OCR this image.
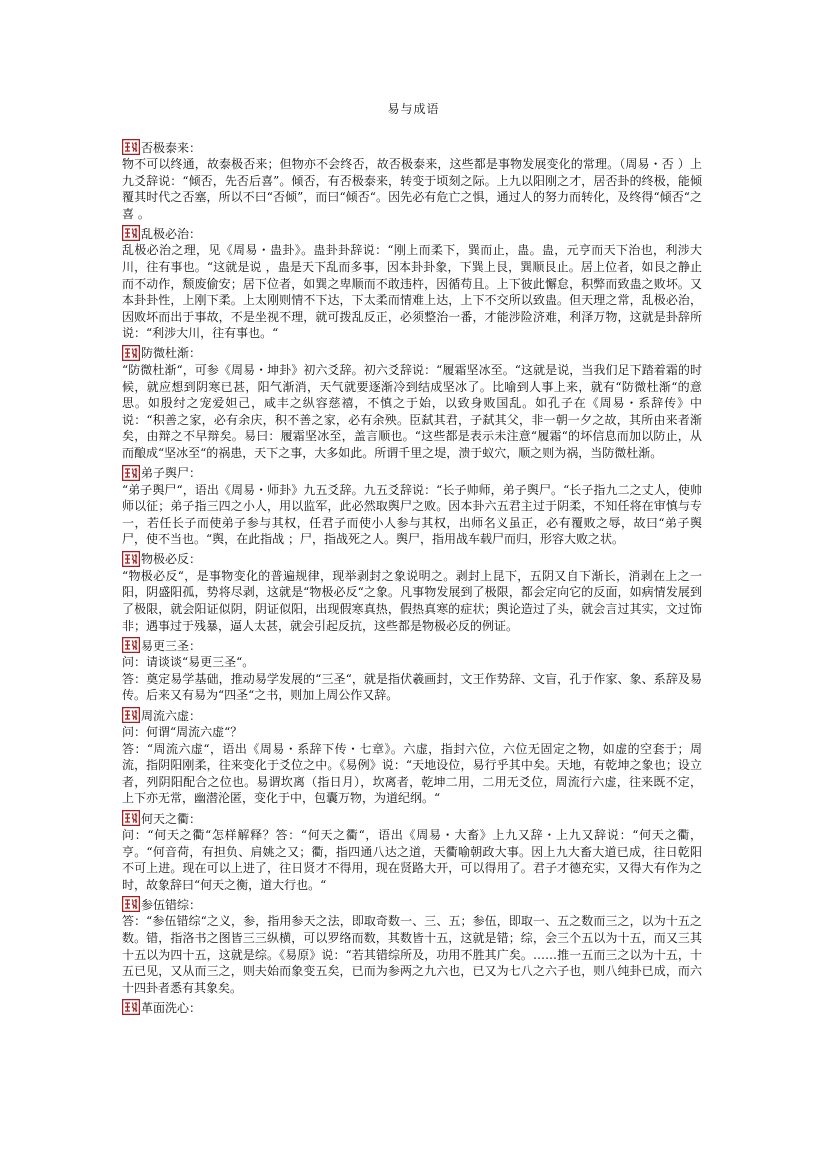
易与成语
否极泰来：

物不可以终通，故泰极否来；但物亦不会终否，故否极泰来，这些都是事物发展变化的常理。（周易・否 ）上九爻辞说：“倾否，先否后喜”。倾否，有否极泰来，转变于顷刻之际。上九以阳刚之才，居否卦的终极，能倾覆其时代之否塞，所以不曰“否倾”，而曰“倾否“。因先必有危亡之惧，通过人的努力而转化，及终得“倾否“之喜 。

乱极必治：

乱极必治之理，见《周易・蛊卦》。蛊卦卦辞说：“刚上而柔下，巽而止，蛊。蛊，元亨而天下治也，利涉大川，往有事也。“这就是说 ，蛊是天下乱而多事，因本卦卦象，下巽上艮，巽顺艮止。居上位者，如艮之静止而不动作，颓废偷安；居下位者，如巽之卑顺而不敢违杵，因循苟且。上下彼此懈怠，积弊而致蛊之败坏。又本卦卦性，上刚下柔。上太刚则情不下达，下太柔而情难上达，上下不交所以致蛊。但天理之常，乱极必治，因败坏而出于事故，不是坐视不理，就可拨乱反正，必须整治一番，才能涉险济难，利泽万物，这就是卦辞所说：“利涉大川，往有事也。“

防微杜渐：

“防微杜渐“，可参《周易・坤卦》初六爻辞。初六爻辞说：“履霜坚冰至。“这就是说，当我们足下踏着霜的时候，就应想到阴寒已甚，阳气渐消，天气就要逐渐冷到结成坚冰了。比喻到人事上来，就有“防微杜渐“的意思。如殷纣之宠爱妲己，咸丰之纵容慈禧，不慎之于始，以致身败国乱。如孔子在《周易・系辞传》中说：“积善之家，必有余庆，积不善之家，必有余殃。臣弑其君，子弑其父，非一朝一夕之故，其所由来者渐矣，由辩之不早辩矣。易曰：履霜坚冰至，盖言顺也。“这些都是表示未注意“履霜“的坏信息而加以防止，从而酿成“坚冰至“的祸患，天下之事，大多如此。所谓千里之堤，溃于蚁穴，顺之则为祸，当防微杜渐。

弟子舆尸：

“弟子舆尸“，语出《周易・师卦》九五爻辞。九五爻辞说：“长子帅师，弟子舆尸。“长子指九二之丈人，使帅师以征；弟子指三四之小人，用以监军，此必然取舆尸之败。因本卦六五君主过于阴柔，不知任将在审慎与专一，若任长子而使弟子参与其权，任君子而使小人参与其权，出师名义虽正，必有覆败之辱，故曰“弟子舆尸，使不当也。“舆，在此指战 ；尸，指战死之人。舆尸，指用战车载尸而归，形容大败之状。

物极必反：

“物极必反“，是事物变化的普遍规律，现举剥封之象说明之。剥封上昆下，五阴又自下渐长，消剥在上之一阳，阴盛阳孤，势将尽剥，这就是“物极必反“之象。凡事物发展到了极限，都会定向它的反面，如病情发展到了极限，就会阳证似阴，阴证似阳，出现假寒真热，假热真寒的症状；舆论造过了头，就会言过其实，文过饰非；遇事过于残暴，逼人太甚，就会引起反抗，这些都是物极必反的例证。

易更三圣：

问：请谈谈“易更三圣“。

答：奠定易学基础，推动易学发展的“三圣“，就是指伏羲画封，文王作势辞、文盲，孔于作家、象、系辞及易传。后来又有易为“四圣“之书，则加上周公作又辞。

周流六虚：

问：何谓“周流六虚“？

答：“周流六虚“，语出《周易・系辞下传・七章》。六虚，指封六位，六位无固定之物，如虚的空套于；周流，指阴阳刚柔，往来变化于爻位之中。《易例》说：“天地设位，易行乎其中矣。天地，有乾坤之象也；设立者，列阴阳配合之位也。易谓坎离（指日月），坎离者，乾坤二用，二用无爻位，周流行六虚，往来既不定，上下亦无常，幽潜沦匿，变化于中，包囊万物，为道纪纲。“

何天之衢：

问：“何天之衢“怎样解释？答：“何天之衢“，语出《周易・大畜》上九又辞・上九又辞说：“何天之衢，亨。“何音荷，有担负、肩姚之又；衢，指四通八达之道，天衢喻朝政大事。因上九大畜大道已成，往日乾阳不可上进。现在可以上进了，往日贤才不得用，现在贤路大开，可以得用了。君子才德充实，又得大有作为之时，故象辞曰“何天之衡，道大行也。“

参伍错综：

答：“参伍错综“之义，参，指用参天之法，即取奇数一、三、五；参伍，即取一、五之数而三之，以为十五之数。错，指洛书之图皆三三纵横，可以罗络而数，其数皆十五，这就是错；综，会三个五以为十五，而又三其十五以为四十五，这就是综。《易原》说：“若其错综所及，功用不胜其广矣。……推一五而三之以为十五，十五已见，又从而三之，则夫始而象变五矣，已而为参两之九六也，已又为七八之六子也，则八纯卦已成，而六十四卦者悉有其象矣。

革面洗心：
